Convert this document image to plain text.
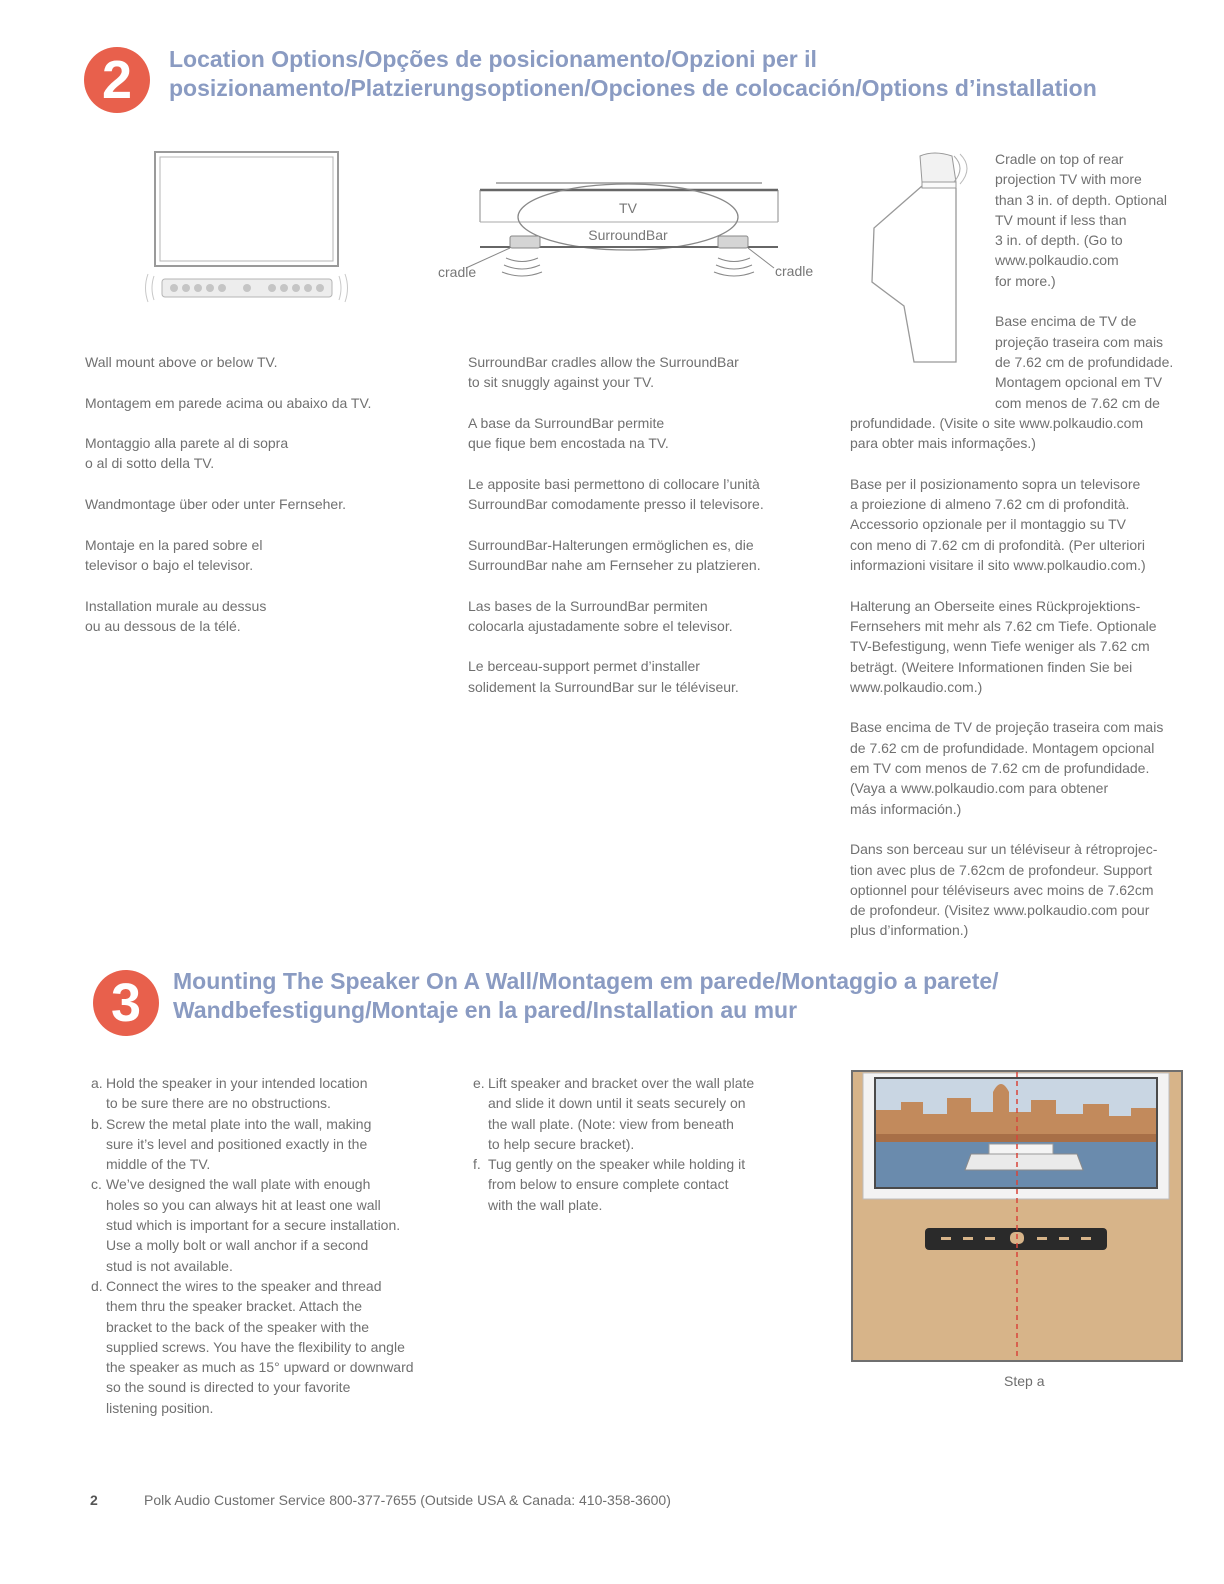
2	Location Options/Opções de posicionamento/Opzioni per il
posizionamento/Platzierungsoptionen/Opciones de colocación/Options d’installation
TV
SurroundBar
cradle	cradle

Wall mount above or below TV.

Montagem em parede acima ou abaixo da TV.

Montaggio alla parete al di sopra
o al di sotto della TV.

Wandmontage über oder unter Fernseher.

Montaje en la pared sobre el
televisor o bajo el televisor.

Installation murale au dessus
ou au dessous de la télé.

SurroundBar cradles allow the SurroundBar
to sit snuggly against your TV.

A base da SurroundBar permite
que fique bem encostada na TV.

Le apposite basi permettono di collocare l’unità
SurroundBar comodamente presso il televisore.

SurroundBar-Halterungen ermöglichen es, die
SurroundBar nahe am Fernseher zu platzieren.

Las bases de la SurroundBar permiten
colocarla ajustadamente sobre el televisor.

Le berceau-support permet d’installer
solidement la SurroundBar sur le téléviseur.

Cradle on top of rear
projection TV with more
than 3 in. of depth. Optional
TV mount if less than
3 in. of depth. (Go to
www.polkaudio.com
for more.)

Base encima de TV de
projeção traseira com mais
de 7.62 cm de profundidade.
Montagem opcional em TV
com menos de 7.62 cm de

profundidade. (Visite o site www.polkaudio.com
para obter mais informações.)

Base per il posizionamento sopra un televisore
a proiezione di almeno 7.62 cm di profondità.
Accessorio opzionale per il montaggio su TV
con meno di 7.62 cm di profondità. (Per ulteriori
informazioni visitare il sito www.polkaudio.com.)

Halterung an Oberseite eines Rückprojektions-
Fernsehers mit mehr als 7.62 cm Tiefe. Optionale
TV-Befestigung, wenn Tiefe weniger als 7.62 cm
beträgt. (Weitere Informationen finden Sie bei
www.polkaudio.com.)

Base encima de TV de projeção traseira com mais
de 7.62 cm de profundidade. Montagem opcional
em TV com menos de 7.62 cm de profundidade.
(Vaya a www.polkaudio.com para obtener
más información.)

Dans son berceau sur un téléviseur à rétroprojec-
tion avec plus de 7.62cm de profondeur. Support
optionnel pour téléviseurs avec moins de 7.62cm
de profondeur. (Visitez www.polkaudio.com pour
plus d’information.)

3	Mounting The Speaker On A Wall/Montagem em parede/Montaggio a parete/
Wandbefestigung/Montaje en la pared/Installation au mur
a. Hold the speaker in your intended location
to be sure there are no obstructions.
b. Screw the metal plate into the wall, making
sure it’s level and positioned exactly in the
middle of the TV.
c. We’ve designed the wall plate with enough
holes so you can always hit at least one wall
stud which is important for a secure installation.
Use a molly bolt or wall anchor if a second
stud is not available.
d. Connect the wires to the speaker and thread
them thru the speaker bracket. Attach the
bracket to the back of the speaker with the
supplied screws. You have the flexibility to angle
the speaker as much as 15° upward or downward
so the sound is directed to your favorite
listening position.
e. Lift speaker and bracket over the wall plate
and slide it down until it seats securely on
the wall plate. (Note: view from beneath
to help secure bracket).
f. Tug gently on the speaker while holding it
from below to ensure complete contact
with the wall plate.
Step a
2	Polk Audio Customer Service 800-377-7655 (Outside USA & Canada: 410-358-3600)
